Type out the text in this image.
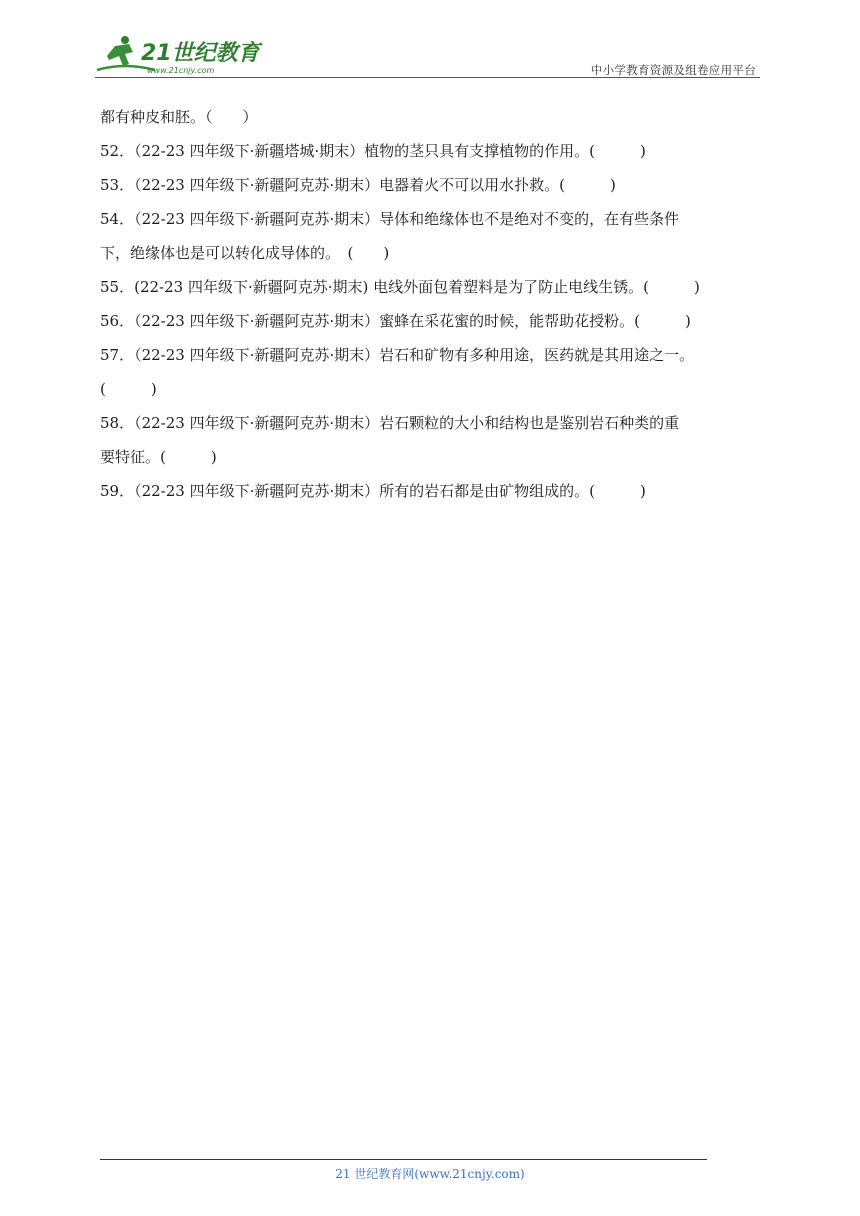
21世纪教育
www.21cnjy.com	中小学教育资源及组卷应用平台
都有种皮和胚。（　　）
52．（22-23 四年级下·新疆塔城·期末）植物的茎只具有支撑植物的作用。(　　　)
53．（22-23 四年级下·新疆阿克苏·期末）电器着火不可以用水扑救。(　　　)
54．（22-23 四年级下·新疆阿克苏·期末）导体和绝缘体也不是绝对不变的，在有些条件
下，绝缘体也是可以转化成导体的。　(　　)
55．(22-23 四年级下·新疆阿克苏·期末) 电线外面包着塑料是为了防止电线生锈。(　　　)
56．（22-23 四年级下·新疆阿克苏·期末）蜜蜂在采花蜜的时候，能帮助花授粉。(　　　)
57．（22-23 四年级下·新疆阿克苏·期末）岩石和矿物有多种用途，医药就是其用途之一。
(　　　)
58．（22-23 四年级下·新疆阿克苏·期末）岩石颗粒的大小和结构也是鉴别岩石种类的重
要特征。(　　　)
59．（22-23 四年级下·新疆阿克苏·期末）所有的岩石都是由矿物组成的。(　　　)
21 世纪教育网(www.21cnjy.com)
